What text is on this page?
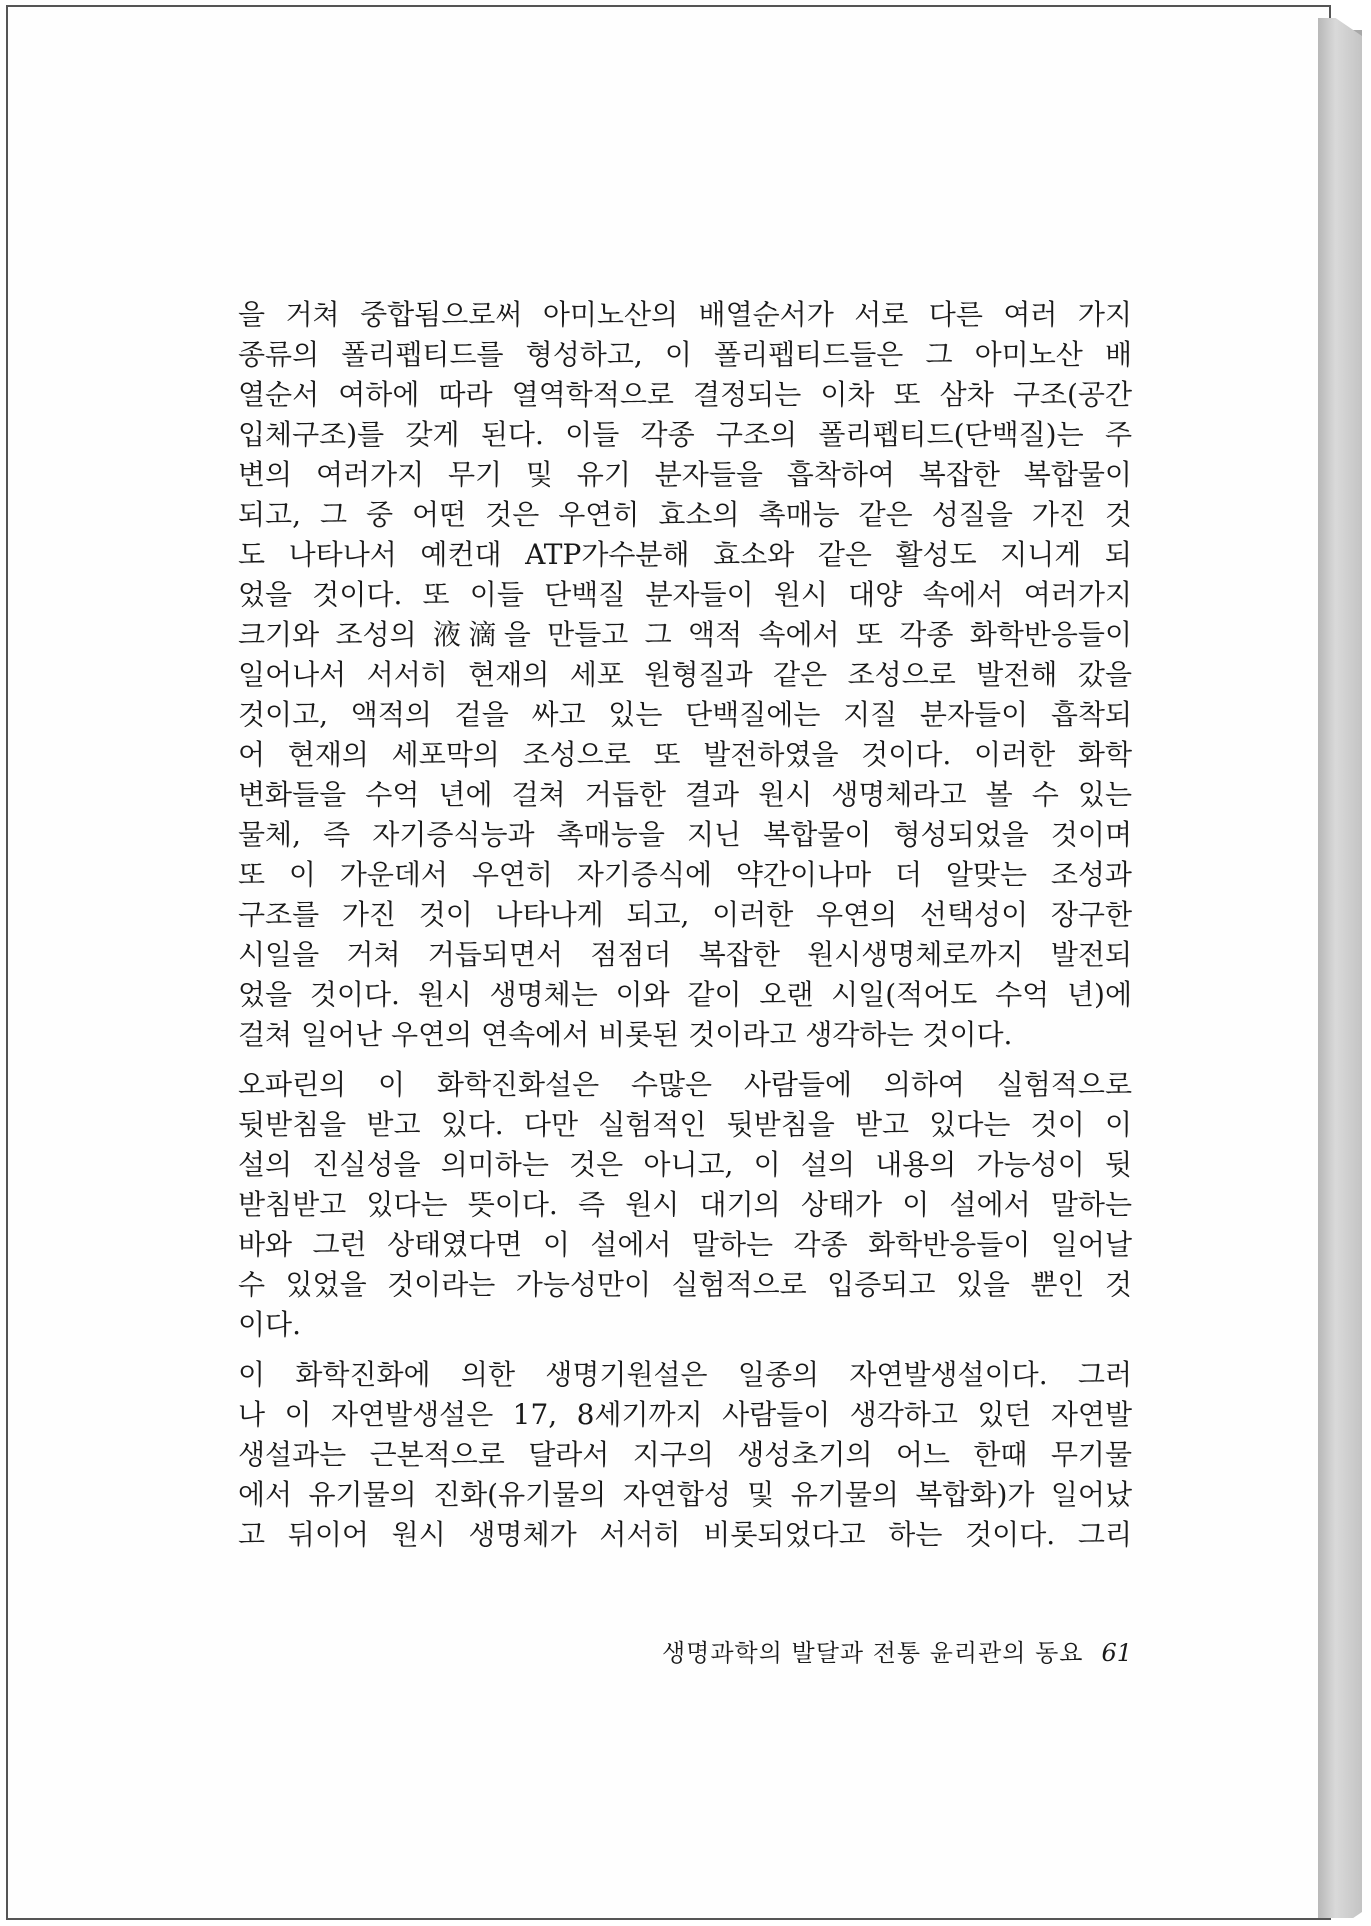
을 거쳐 중합됨으로써 아미노산의 배열순서가 서로 다른 여러 가지
종류의 폴리펩티드를 형성하고, 이 폴리펩티드들은 그 아미노산 배
열순서 여하에 따라 열역학적으로 결정되는 이차 또 삼차 구조(공간
입체구조)를 갖게 된다. 이들 각종 구조의 폴리펩티드(단백질)는 주
변의 여러가지 무기 및 유기 분자들을 흡착하여 복잡한 복합물이
되고, 그 중 어떤 것은 우연히 효소의 촉매능 같은 성질을 가진 것
도 나타나서 예컨대 ATP가수분해 효소와 같은 활성도 지니게 되
었을 것이다. 또 이들 단백질 분자들이 원시 대양 속에서 여러가지
크기와 조성의 液滴을 만들고 그 액적 속에서 또 각종 화학반응들이
일어나서 서서히 현재의 세포 원형질과 같은 조성으로 발전해 갔을
것이고, 액적의 겉을 싸고 있는 단백질에는 지질 분자들이 흡착되
어 현재의 세포막의 조성으로 또 발전하였을 것이다. 이러한 화학
변화들을 수억 년에 걸쳐 거듭한 결과 원시 생명체라고 볼 수 있는
물체, 즉 자기증식능과 촉매능을 지닌 복합물이 형성되었을 것이며
또 이 가운데서 우연히 자기증식에 약간이나마 더 알맞는 조성과
구조를 가진 것이 나타나게 되고, 이러한 우연의 선택성이 장구한
시일을 거쳐 거듭되면서 점점더 복잡한 원시생명체로까지 발전되
었을 것이다. 원시 생명체는 이와 같이 오랜 시일(적어도 수억 년)에
걸쳐 일어난 우연의 연속에서 비롯된 것이라고 생각하는 것이다.
오파린의 이 화학진화설은 수많은 사람들에 의하여 실험적으로
뒷받침을 받고 있다. 다만 실험적인 뒷받침을 받고 있다는 것이 이
설의 진실성을 의미하는 것은 아니고, 이 설의 내용의 가능성이 뒷
받침받고 있다는 뜻이다. 즉 원시 대기의 상태가 이 설에서 말하는
바와 그런 상태였다면 이 설에서 말하는 각종 화학반응들이 일어날
수 있었을 것이라는 가능성만이 실험적으로 입증되고 있을 뿐인 것
이다.
이 화학진화에 의한 생명기원설은 일종의 자연발생설이다. 그러
나 이 자연발생설은 17, 8세기까지 사람들이 생각하고 있던 자연발
생설과는 근본적으로 달라서 지구의 생성초기의 어느 한때 무기물
에서 유기물의 진화(유기물의 자연합성 및 유기물의 복합화)가 일어났
고 뒤이어 원시 생명체가 서서히 비롯되었다고 하는 것이다. 그리
생명과학의 발달과 전통 윤리관의 동요 61
